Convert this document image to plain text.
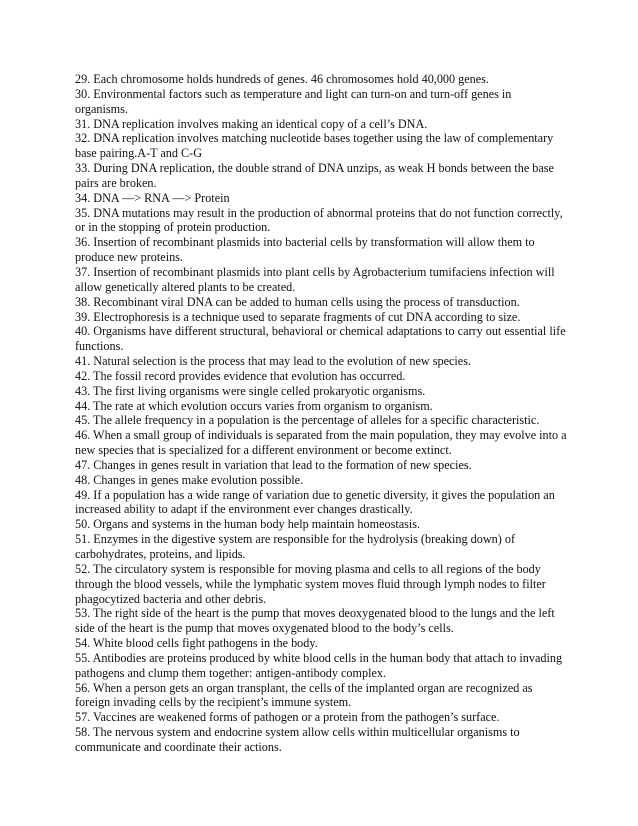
29. Each chromosome holds hundreds of genes. 46 chromosomes hold 40,000 genes.

30. Environmental factors such as temperature and light can turn-on and turn-off genes in organisms.

31. DNA replication involves making an identical copy of a cell’s DNA.

32. DNA replication involves matching nucleotide bases together using the law of complementary base pairing.A-T and C-G

33. During DNA replication, the double strand of DNA unzips, as weak H bonds between the base pairs are broken.

34. DNA —> RNA —> Protein

35. DNA mutations may result in the production of abnormal proteins that do not function correctly, or in the stopping of protein production.

36. Insertion of recombinant plasmids into bacterial cells by transformation will allow them to produce new proteins.

37. Insertion of recombinant plasmids into plant cells by Agrobacterium tumifaciens infection will allow genetically altered plants to be created.

38. Recombinant viral DNA can be added to human cells using the process of transduction.

39. Electrophoresis is a technique used to separate fragments of cut DNA according to size.

40. Organisms have different structural, behavioral or chemical adaptations to carry out essential life functions.

41. Natural selection is the process that may lead to the evolution of new species.

42. The fossil record provides evidence that evolution has occurred.

43. The first living organisms were single celled prokaryotic organisms.

44. The rate at which evolution occurs varies from organism to organism.

45. The allele frequency in a population is the percentage of alleles for a specific characteristic.

46. When a small group of individuals is separated from the main population, they may evolve into a new species that is specialized for a different environment or become extinct.

47. Changes in genes result in variation that lead to the formation of new species.

48. Changes in genes make evolution possible.

49. If a population has a wide range of variation due to genetic diversity, it gives the population an increased ability to adapt if the environment ever changes drastically.

50. Organs and systems in the human body help maintain homeostasis.

51. Enzymes in the digestive system are responsible for the hydrolysis (breaking down) of carbohydrates, proteins, and lipids.

52. The circulatory system is responsible for moving plasma and cells to all regions of the body through the blood vessels, while the lymphatic system moves fluid through lymph nodes to filter phagocytized bacteria and other debris.

53. The right side of the heart is the pump that moves deoxygenated blood to the lungs and the left side of the heart is the pump that moves oxygenated blood to the body’s cells.

54. White blood cells fight pathogens in the body.

55. Antibodies are proteins produced by white blood cells in the human body that attach to invading pathogens and clump them together: antigen-antibody complex.

56. When a person gets an organ transplant, the cells of the implanted organ are recognized as foreign invading cells by the recipient’s immune system.

57. Vaccines are weakened forms of pathogen or a protein from the pathogen’s surface.

58. The nervous system and endocrine system allow cells within multicellular organisms to communicate and coordinate their actions.
